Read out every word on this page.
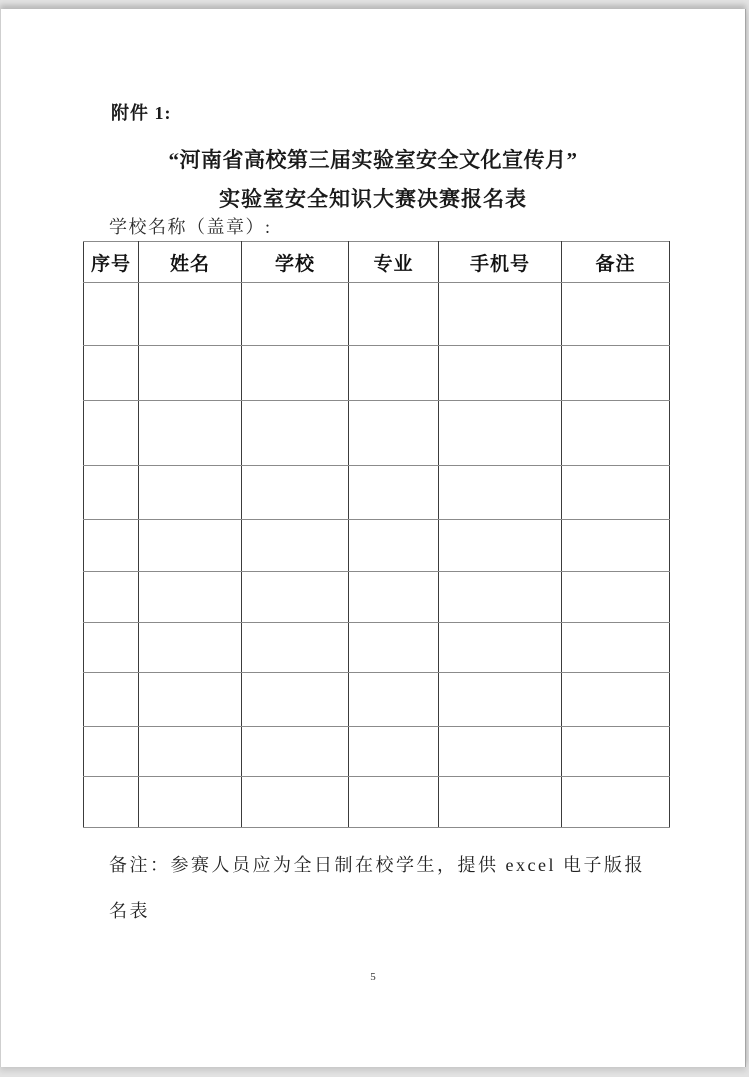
附件 1:
“河南省高校第三届实验室安全文化宣传月”
实验室安全知识大赛决赛报名表
学校名称（盖章）:
序号	姓名	学校	专业	手机号	备注

备注：参赛人员应为全日制在校学生，提供 excel 电子版报
名表
5
